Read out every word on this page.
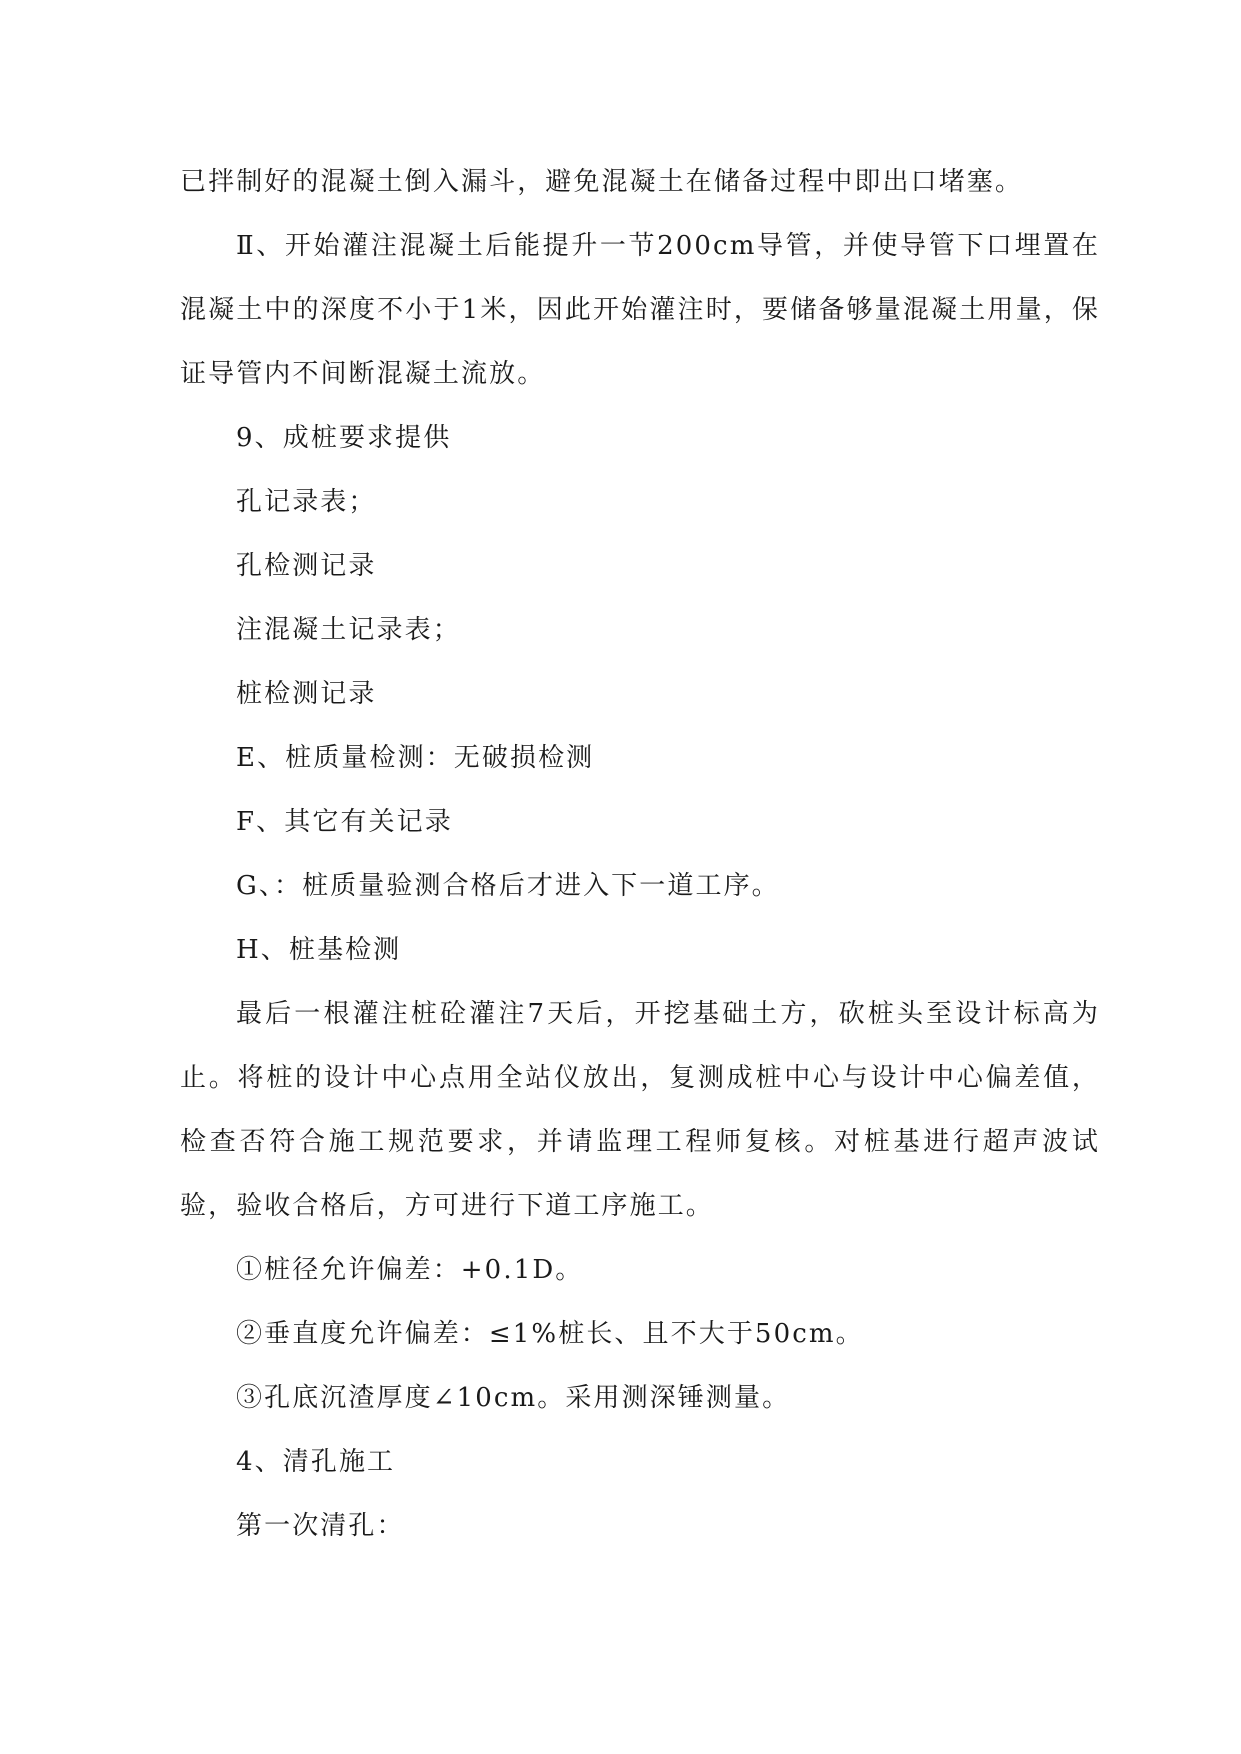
已拌制好的混凝土倒入漏斗，避免混凝土在储备过程中即出口堵塞。

Ⅱ、开始灌注混凝土后能提升一节200cm导管，并使导管下口埋置在混凝土中的深度不小于1米，因此开始灌注时，要储备够量混凝土用量，保证导管内不间断混凝土流放。

9、成桩要求提供

孔记录表；

孔检测记录

注混凝土记录表；

桩检测记录

E、桩质量检测：无破损检测

F、其它有关记录

G、：桩质量验测合格后才进入下一道工序。

H、桩基检测

最后一根灌注桩砼灌注7天后，开挖基础土方，砍桩头至设计标高为止。将桩的设计中心点用全站仪放出，复测成桩中心与设计中心偏差值，检查否符合施工规范要求，并请监理工程师复核。对桩基进行超声波试验，验收合格后，方可进行下道工序施工。

①桩径允许偏差：+0.1D。

②垂直度允许偏差：≤1%桩长、且不大于50cm。

③孔底沉渣厚度∠10cm。采用测深锤测量。

4、清孔施工

第一次清孔：
